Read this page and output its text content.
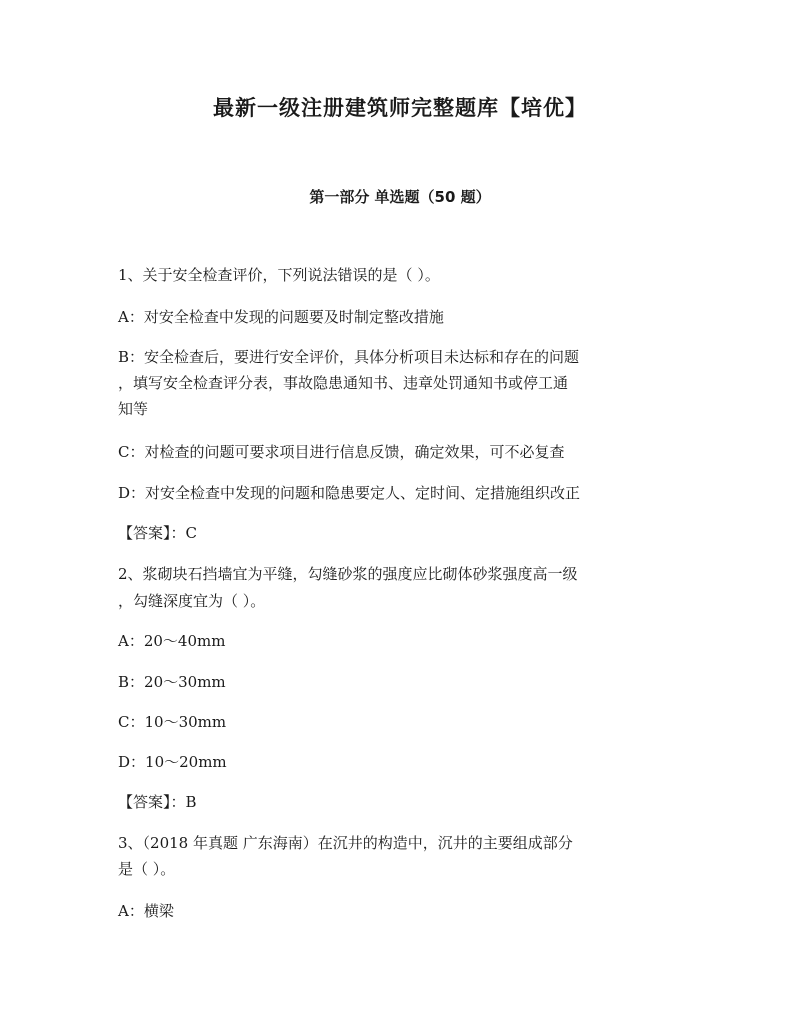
最新一级注册建筑师完整题库【培优】
第一部分 单选题（50 题）
1、关于安全检查评价，下列说法错误的是（ ）。
A：对安全检查中发现的问题要及时制定整改措施
B：安全检查后，要进行安全评价，具体分析项目未达标和存在的问题
，填写安全检查评分表，事故隐患通知书、违章处罚通知书或停工通
知等
C：对检查的问题可要求项目进行信息反馈，确定效果，可不必复查
D：对安全检查中发现的问题和隐患要定人、定时间、定措施组织改正
【答案】：C
2、浆砌块石挡墙宜为平缝，勾缝砂浆的强度应比砌体砂浆强度高一级
，勾缝深度宜为（ ）。
A：20～40mm
B：20～30mm
C：10～30mm
D：10～20mm
【答案】：B
3、（2018 年真题 广东海南）在沉井的构造中，沉井的主要组成部分
是（ ）。
A：横梁
